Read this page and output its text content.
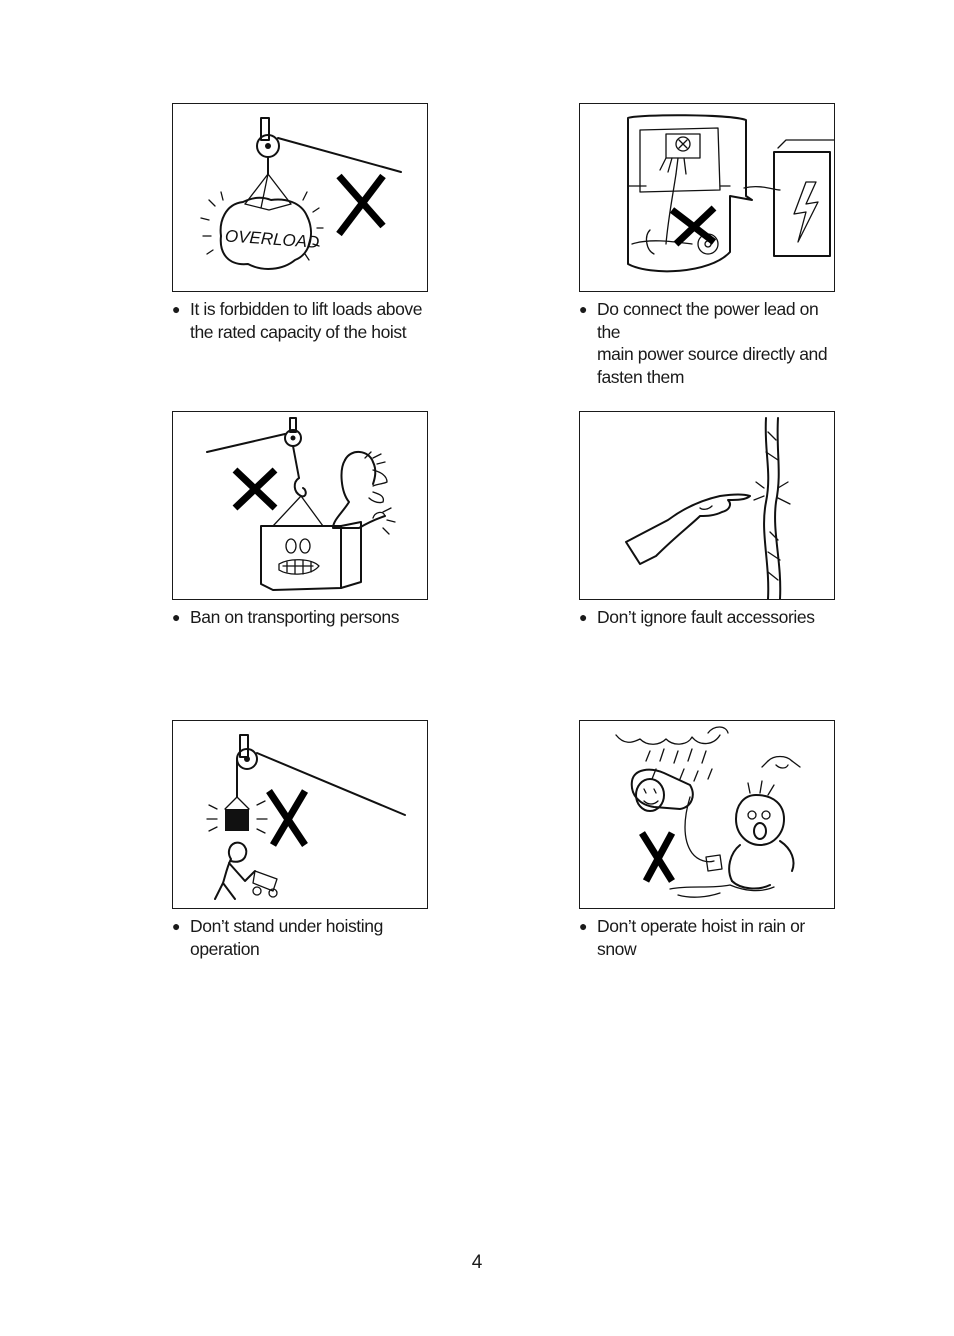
OVERLOAD
● It is forbidden to lift loads above
the rated capacity of the hoist
● Do connect the power lead on the
main power source directly and
fasten them
● Ban on transporting persons	● Don’t ignore fault accessories
● Don’t stand under hoisting operation
● Don’t operate hoist in rain or snow
4
